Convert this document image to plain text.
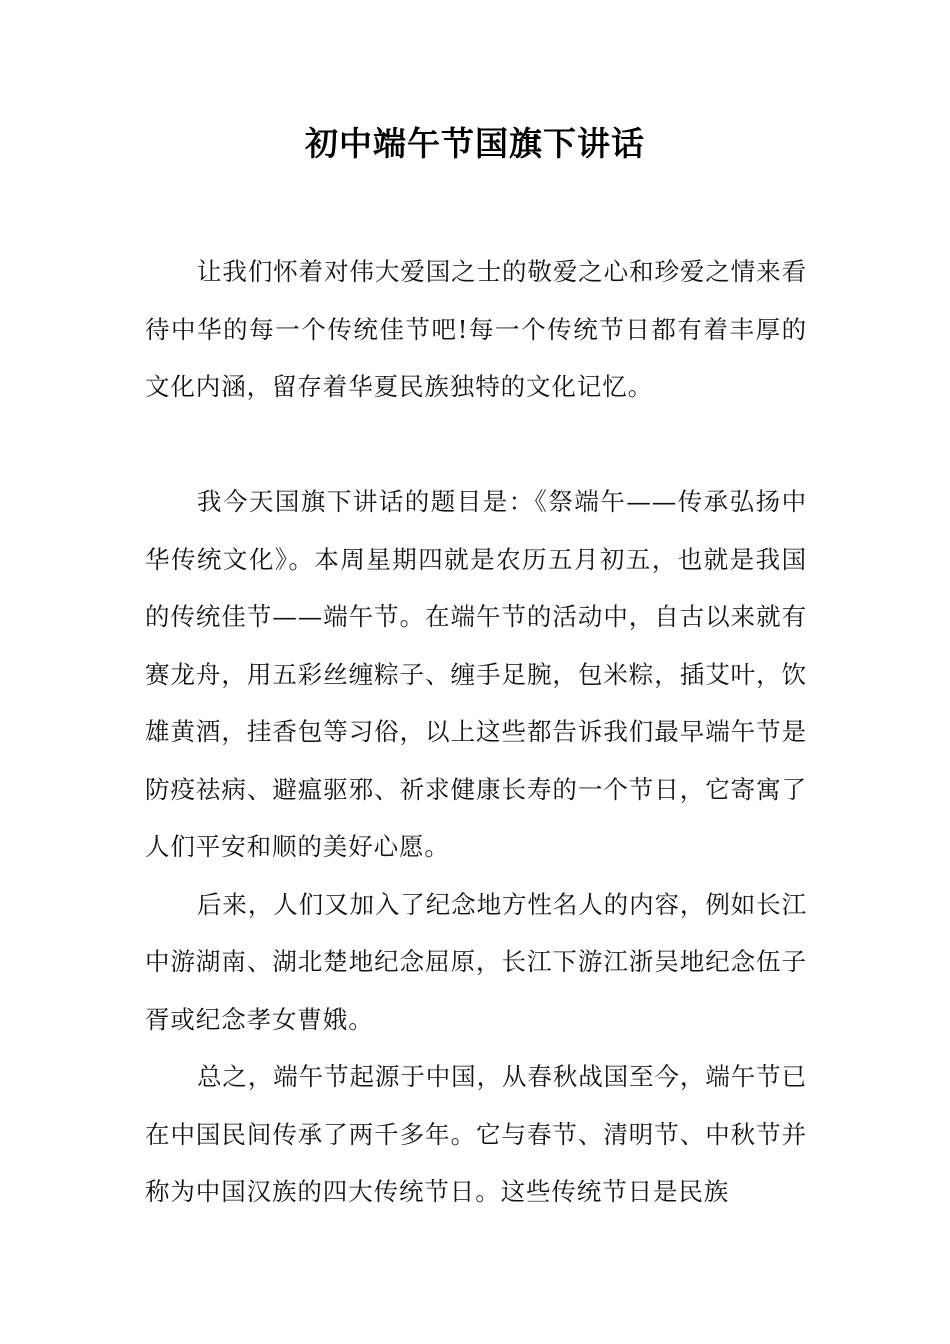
初中端午节国旗下讲话

让我们怀着对伟大爱国之士的敬爱之心和珍爱之情来看待中华的每一个传统佳节吧!每一个传统节日都有着丰厚的文化内涵，留存着华夏民族独特的文化记忆。

我今天国旗下讲话的题目是：《祭端午——传承弘扬中华传统文化》。本周星期四就是农历五月初五，也就是我国的传统佳节——端午节。在端午节的活动中，自古以来就有赛龙舟，用五彩丝缠粽子、缠手足腕，包米粽，插艾叶，饮雄黄酒，挂香包等习俗，以上这些都告诉我们最早端午节是防疫祛病、避瘟驱邪、祈求健康长寿的一个节日，它寄寓了人们平安和顺的美好心愿。

后来，人们又加入了纪念地方性名人的内容，例如长江中游湖南、湖北楚地纪念屈原，长江下游江浙吴地纪念伍子胥或纪念孝女曹娥。

总之，端午节起源于中国，从春秋战国至今，端午节已在中国民间传承了两千多年。它与春节、清明节、中秋节并称为中国汉族的四大传统节日。这些传统节日是民族
